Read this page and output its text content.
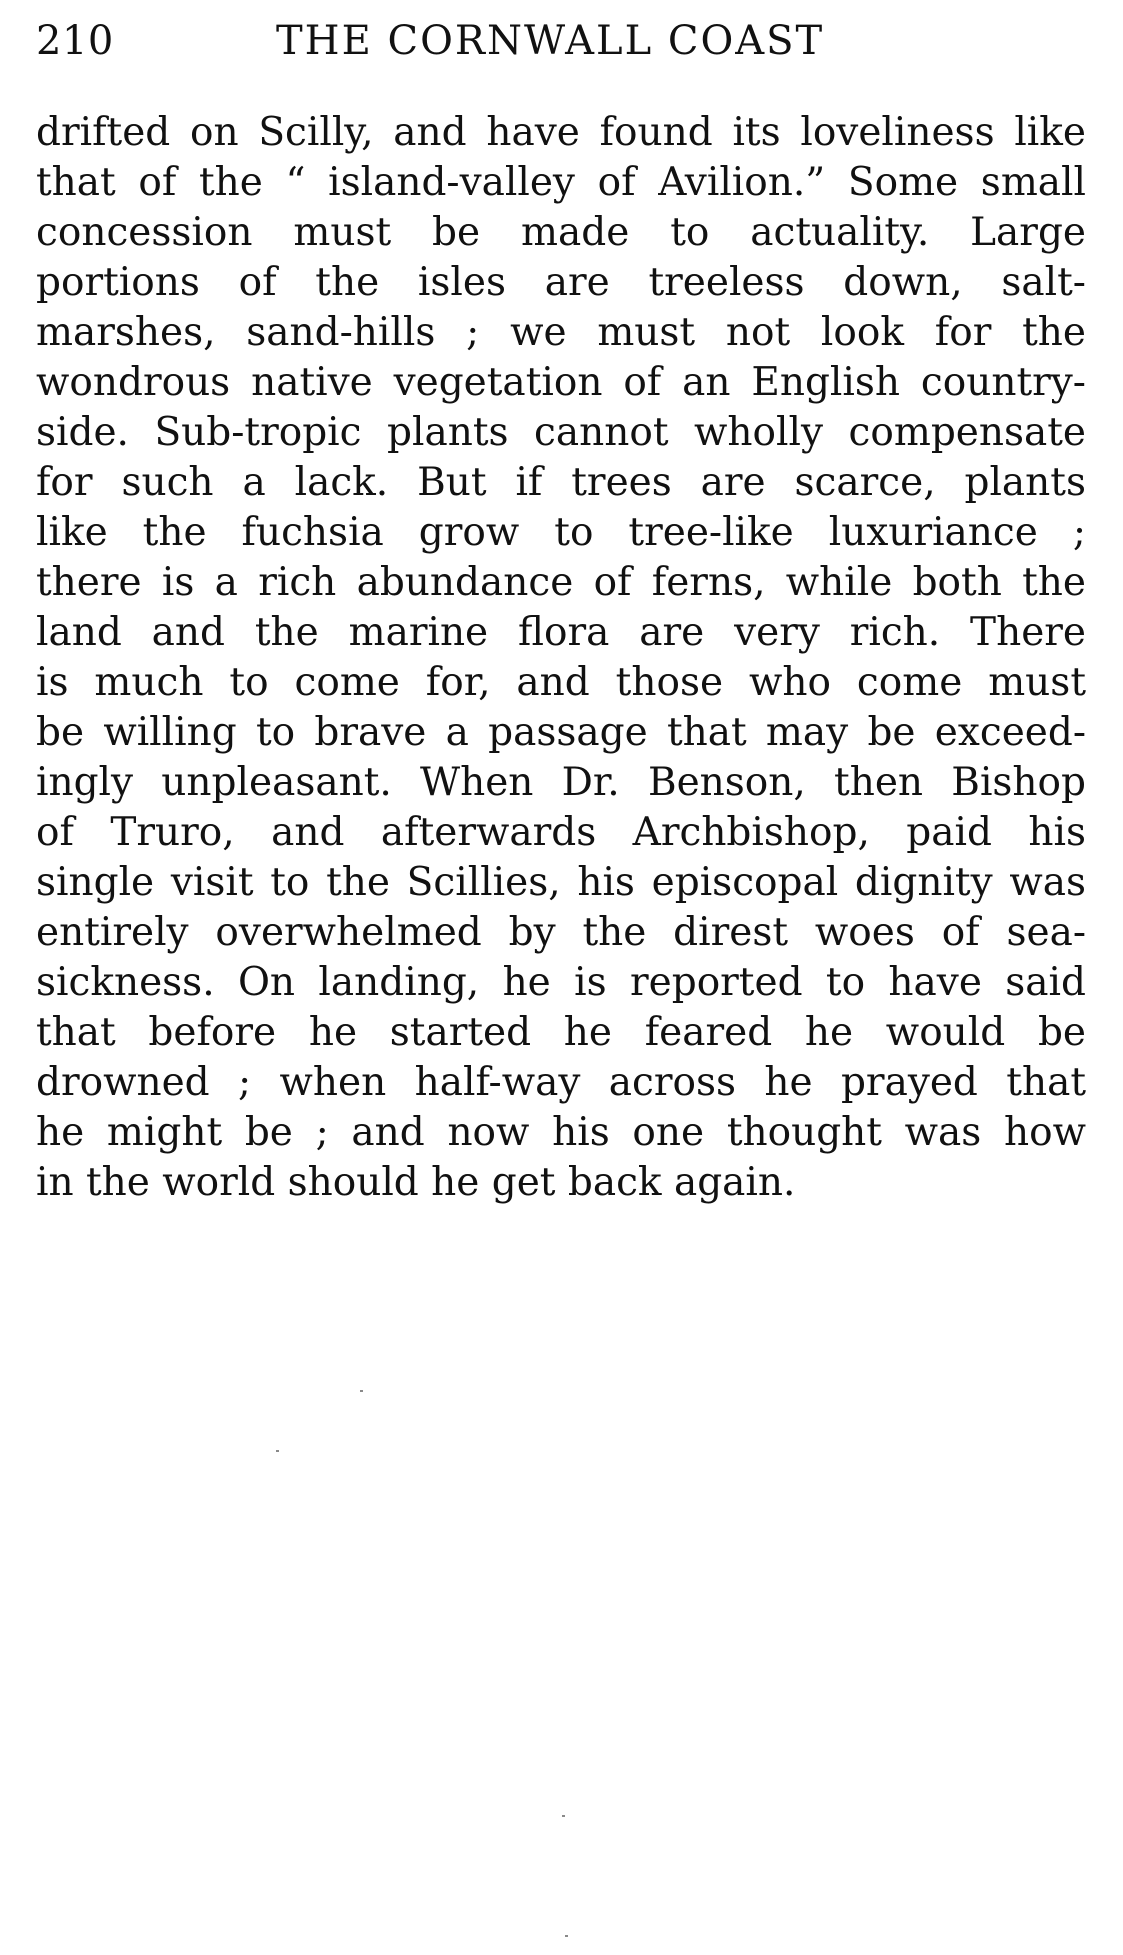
210	THE CORNWALL COAST
drifted on Scilly, and have found its loveliness like
that of the “ island-valley of Avilion.” Some small
concession must be made to actuality. Large
portions of the isles are treeless down, salt-
marshes, sand-hills ; we must not look for the
wondrous native vegetation of an English country-
side. Sub-tropic plants cannot wholly compensate
for such a lack. But if trees are scarce, plants
like the fuchsia grow to tree-like luxuriance ;
there is a rich abundance of ferns, while both the
land and the marine flora are very rich. There
is much to come for, and those who come must
be willing to brave a passage that may be exceed-
ingly unpleasant. When Dr. Benson, then Bishop
of Truro, and afterwards Archbishop, paid his
single visit to the Scillies, his episcopal dignity was
entirely overwhelmed by the direst woes of sea-
sickness. On landing, he is reported to have said
that before he started he feared he would be
drowned ; when half-way across he prayed that
he might be ; and now his one thought was how
in the world should he get back again.
